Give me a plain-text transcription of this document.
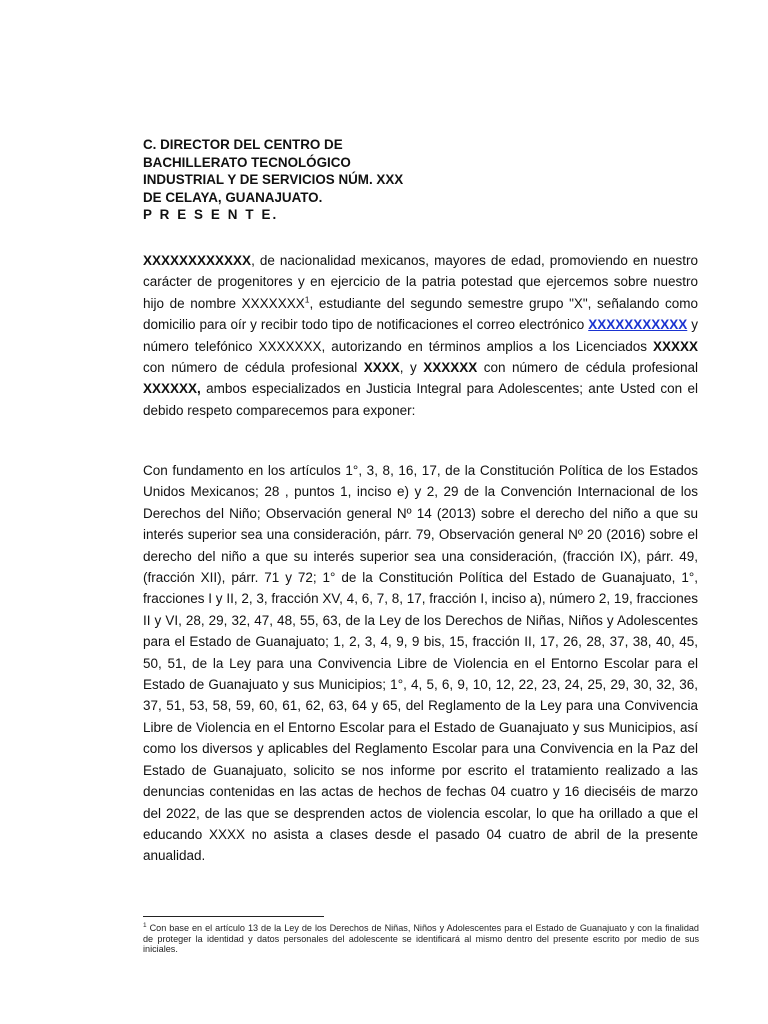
C. DIRECTOR DEL CENTRO DE
BACHILLERATO TECNOLÓGICO
INDUSTRIAL Y DE SERVICIOS NÚM. XXX
DE CELAYA, GUANAJUATO.
P R E S E N T E.
XXXXXXXXXXXX, de nacionalidad mexicanos, mayores de edad, promoviendo en nuestro carácter de progenitores y en ejercicio de la patria potestad que ejercemos sobre nuestro hijo de nombre XXXXXXX$^1$, estudiante del segundo semestre grupo "X", señalando como domicilio para oír y recibir todo tipo de notificaciones el correo electrónico XXXXXXXXXXX y número telefónico XXXXXXX, autorizando en términos amplios a los Licenciados XXXXX con número de cédula profesional XXXX, y XXXXXX con número de cédula profesional XXXXXX, ambos especializados en Justicia Integral para Adolescentes; ante Usted con el debido respeto comparecemos para exponer:
Con fundamento en los artículos 1°, 3, 8, 16, 17, de la Constitución Política de los Estados Unidos Mexicanos; 28 , puntos 1, inciso e) y 2, 29 de la Convención Internacional de los Derechos del Niño; Observación general Nº 14 (2013) sobre el derecho del niño a que su interés superior sea una consideración, párr. 79, Observación general Nº 20 (2016) sobre el derecho del niño a que su interés superior sea una consideración, (fracción IX), párr. 49, (fracción XII), párr. 71 y 72; 1° de la Constitución Política del Estado de Guanajuato, 1°, fracciones I y II, 2, 3, fracción XV, 4, 6, 7, 8, 17, fracción I, inciso a), número 2, 19, fracciones II y VI, 28, 29, 32, 47, 48, 55, 63, de la Ley de los Derechos de Niñas, Niños y Adolescentes para el Estado de Guanajuato; 1, 2, 3, 4, 9, 9 bis, 15, fracción II, 17, 26, 28, 37, 38, 40, 45, 50, 51, de la Ley para una Convivencia Libre de Violencia en el Entorno Escolar para el Estado de Guanajuato y sus Municipios; 1°, 4, 5, 6, 9, 10, 12, 22, 23, 24, 25, 29, 30, 32, 36, 37, 51, 53, 58, 59, 60, 61, 62, 63, 64 y 65, del Reglamento de la Ley para una Convivencia Libre de Violencia en el Entorno Escolar para el Estado de Guanajuato y sus Municipios, así como los diversos y aplicables del Reglamento Escolar para una Convivencia en la Paz del Estado de Guanajuato, solicito se nos informe por escrito el tratamiento realizado a las denuncias contenidas en las actas de hechos de fechas 04 cuatro y 16 dieciséis de marzo del 2022, de las que se desprenden actos de violencia escolar, lo que ha orillado a que el educando XXXX no asista a clases desde el pasado 04 cuatro de abril de la presente anualidad.
$^1$ Con base en el artículo 13 de la Ley de los Derechos de Niñas, Niños y Adolescentes para el Estado de Guanajuato y con la finalidad de proteger la identidad y datos personales del adolescente se identificará al mismo dentro del presente escrito por medio de sus iniciales.
